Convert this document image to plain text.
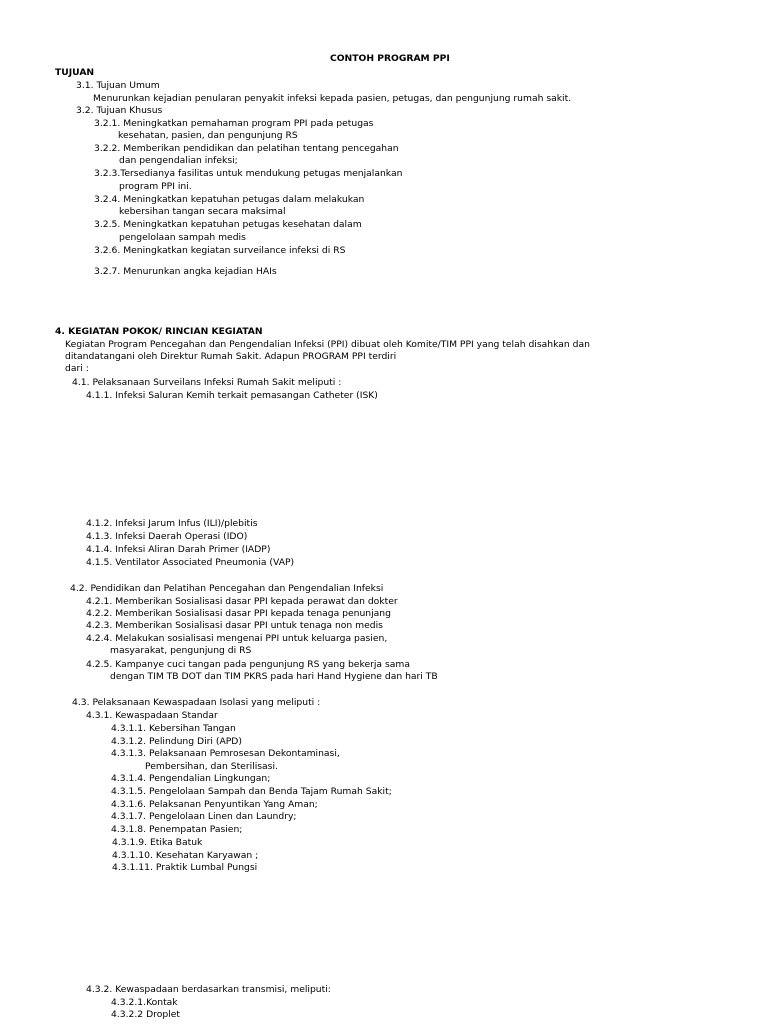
CONTOH PROGRAM PPI
TUJUAN
3.1. Tujuan Umum
Menurunkan kejadian penularan penyakit infeksi kepada pasien, petugas, dan pengunjung rumah sakit.
3.2. Tujuan Khusus
3.2.1. Meningkatkan pemahaman program PPI pada petugas
kesehatan, pasien, dan pengunjung RS
3.2.2. Memberikan pendidikan dan pelatihan tentang pencegahan
dan pengendalian infeksi;
3.2.3.Tersedianya fasilitas untuk mendukung petugas menjalankan
program PPI ini.
3.2.4. Meningkatkan kepatuhan petugas dalam melakukan
kebersihan tangan secara maksimal
3.2.5. Meningkatkan kepatuhan petugas kesehatan dalam
pengelolaan sampah medis
3.2.6. Meningkatkan kegiatan surveilance infeksi di RS
3.2.7. Menurunkan angka kejadian HAIs
4. KEGIATAN POKOK/ RINCIAN KEGIATAN
Kegiatan Program Pencegahan dan Pengendalian Infeksi (PPI) dibuat oleh Komite/TIM PPI yang telah disahkan dan
ditandatangani oleh Direktur Rumah Sakit. Adapun PROGRAM PPI terdiri
dari :
4.1. Pelaksanaan Surveilans Infeksi Rumah Sakit meliputi :
4.1.1. Infeksi Saluran Kemih terkait pemasangan Catheter (ISK)
4.1.2. Infeksi Jarum Infus (ILI)/plebitis
4.1.3. Infeksi Daerah Operasi (IDO)
4.1.4. Infeksi Aliran Darah Primer (IADP)
4.1.5. Ventilator Associated Pneumonia (VAP)
4.2. Pendidikan dan Pelatihan Pencegahan dan Pengendalian Infeksi
4.2.1. Memberikan Sosialisasi dasar PPI kepada perawat dan dokter
4.2.2. Memberikan Sosialisasi dasar PPI kepada tenaga penunjang
4.2.3. Memberikan Sosialisasi dasar PPI untuk tenaga non medis
4.2.4. Melakukan sosialisasi mengenai PPI untuk keluarga pasien,
masyarakat, pengunjung di RS
4.2.5. Kampanye cuci tangan pada pengunjung RS yang bekerja sama
dengan TIM TB DOT dan TIM PKRS pada hari Hand Hygiene dan hari TB
4.3. Pelaksanaan Kewaspadaan Isolasi yang meliputi :
4.3.1. Kewaspadaan Standar
4.3.1.1. Kebersihan Tangan
4.3.1.2. Pelindung Diri (APD)
4.3.1.3. Pelaksanaan Pemrosesan Dekontaminasi,
Pembersihan, dan Sterilisasi.
4.3.1.4. Pengendalian Lingkungan;
4.3.1.5. Pengelolaan Sampah dan Benda Tajam Rumah Sakit;
4.3.1.6. Pelaksanan Penyuntikan Yang Aman;
4.3.1.7. Pengelolaan Linen dan Laundry;
4.3.1.8. Penempatan Pasien;
4.3.1.9. Etika Batuk
4.3.1.10. Kesehatan Karyawan ;
4.3.1.11. Praktik Lumbal Pungsi
4.3.2. Kewaspadaan berdasarkan transmisi, meliputi:
4.3.2.1.Kontak
4.3.2.2 Droplet
